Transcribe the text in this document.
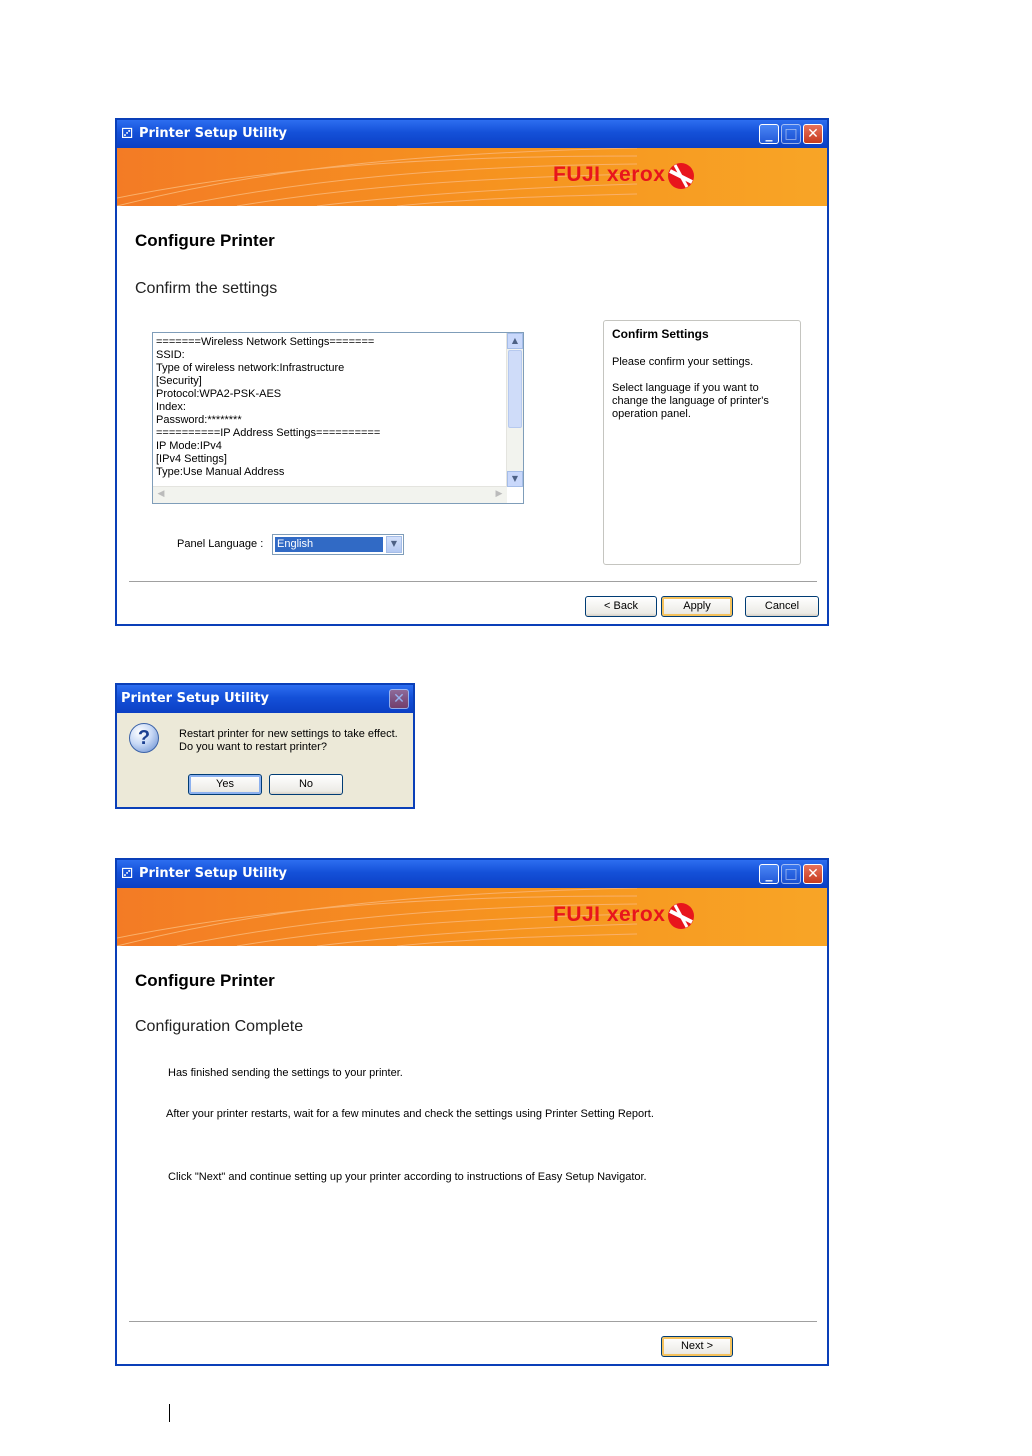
⚂ Printer Setup Utility	_ □ ✕
FUJI xerox
Configure Printer
Confirm the settings
=======Wireless Network Settings=======
SSID:
Type of wireless network:Infrastructure
[Security]
Protocol:WPA2-PSK-AES
Index:
Password:********
==========IP Address Settings==========
IP Mode:IPv4
[IPv4 Settings]
Type:Use Manual Address
▲
▼
◀	▶
Confirm Settings
Please confirm your settings.
Select language if you want to
change the language of printer's
operation panel.
Panel Language : English	▼
< Back	Apply	Cancel
Printer Setup Utility	✕
?	Restart printer for new settings to take effect.
Do you want to restart printer?
Yes	No
⚂ Printer Setup Utility	_ □ ✕
FUJI xerox
Configure Printer
Configuration Complete
Has finished sending the settings to your printer.
After your printer restarts, wait for a few minutes and check the settings using Printer Setting Report.
Click "Next" and continue setting up your printer according to instructions of Easy Setup Navigator.
Next >
